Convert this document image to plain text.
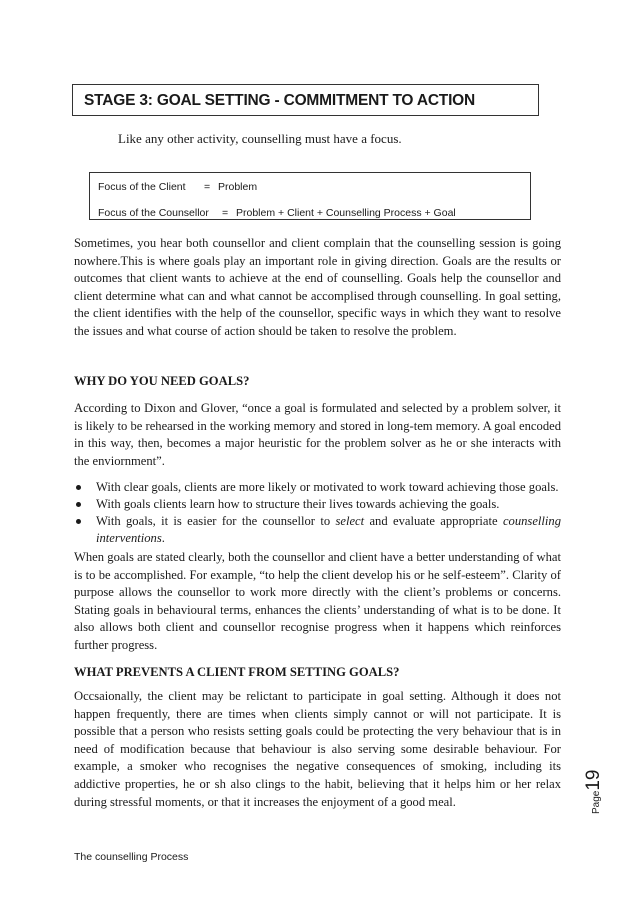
STAGE 3: GOAL SETTING - COMMITMENT TO ACTION
Like any other activity, counselling must have a focus.
Focus of the Client = Problem
Focus of the Counsellor = Problem + Client + Counselling Process + Goal

Sometimes, you hear both counsellor and client complain that the counselling session is going nowhere.This is where goals play an important role in giving direction. Goals are the results or outcomes that client wants to achieve at the end of counselling. Goals help the counsellor and client determine what can and what cannot be accomplised through counselling. In goal setting, the client identifies with the help of the counsellor, specific ways in which they want to resolve the issues and what course of action should be taken to resolve the problem.

WHY DO YOU NEED GOALS?

According to Dixon and Glover, “once a goal is formulated and selected by a problem solver, it is likely to be rehearsed in the working memory and stored in long-tem memory. A goal encoded in this way, then, becomes a major heuristic for the problem solver as he or she interacts with the enviornment”.

With clear goals, clients are more likely or motivated to work toward achieving those goals.
With goals clients learn how to structure their lives towards achieving the goals.
With goals, it is easier for the counsellor to select and evaluate appropriate counselling interventions.

When goals are stated clearly, both the counsellor and client have a better understanding of what is to be accomplished. For example, “to help the client develop his or he self-esteem”. Clarity of purpose allows the counsellor to work more directly with the client’s problems or concerns. Stating goals in behavioural terms, enhances the clients’ understanding of what is to be done. It also allows both client and counsellor recognise progress when it happens which reinforces further progress.

WHAT PREVENTS A CLIENT FROM SETTING GOALS?

Occsaionally, the client may be relictant to participate in goal setting. Although it does not happen frequently, there are times when clients simply cannot or will not participate. It is possible that a person who resists setting goals could be protecting the very behaviour that is in need of modification because that behaviour is also serving some desirable behaviour. For example, a smoker who recognises the negative consequences of smoking, including its addictive properties, he or sh also clings to the habit, believing that it helps him or her relax during stressful moments, or that it increases the enjoyment of a good meal.	Page19
The counselling Process
